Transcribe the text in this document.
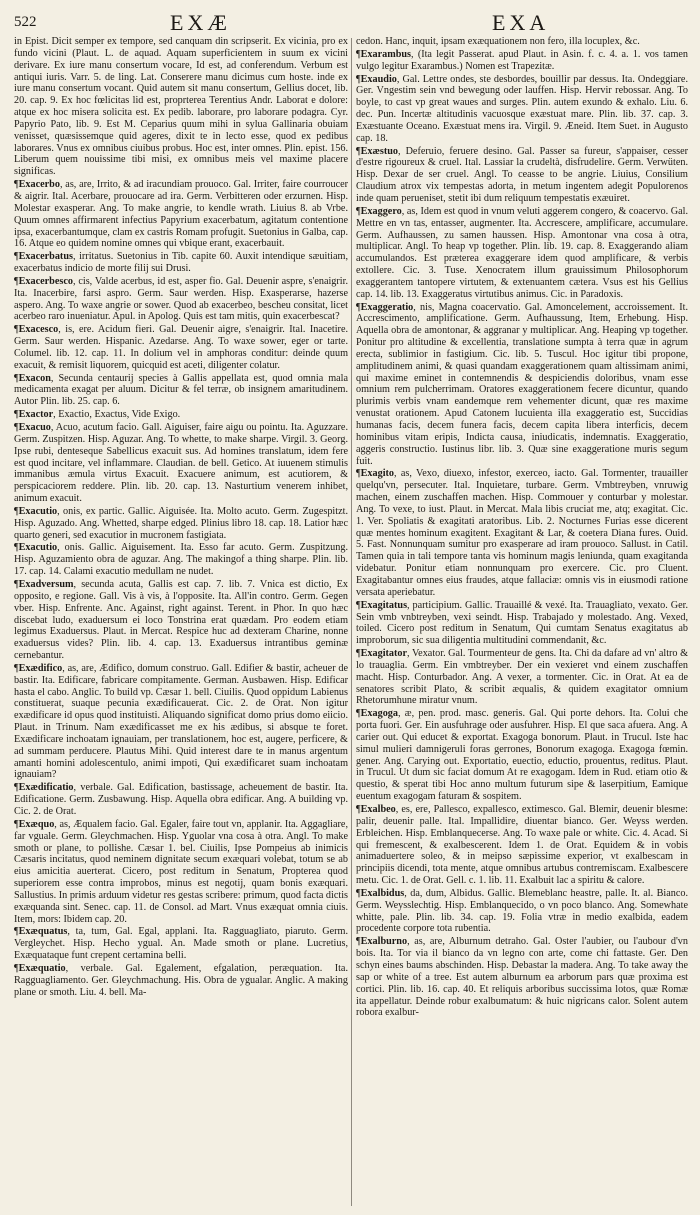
522	EXÆ	EXA

in Epist. Dicit semper ex tempore, sed canquam din scripserit. Ex vicinia, pro ex fundo vicini (Plaut. L. de aquad. Aquam superficientem in suum ex vicini derivare. Ex iure manu consertum vocare, Id est, ad conferendum. Verbum est antiqui iuris. Varr. 5. de ling. Lat. Conserere manu dicimus cum hoste. inde ex iure manu consertum vocant. Quid autem sit manu consertum, Gellius docet, lib. 20. cap. 9. Ex hoc fœlicitas lid est, proprterea Terentius Andr. Laborat e dolore: atque ex hoc misera solicita est. Ex pedib. laborare, pro laborare podagra. Cyr. Papyrio Pato, lib. 9. Est M. Ceparius quum mihi in sylua Gallinaria obuiam venisset, quæsissemque quid ageres, dixit te in lecto esse, quod ex pedibus laborares. Vnus ex omnibus ciuibus probus. Hoc est, inter omnes. Plin. epist. 156. Liberum quem nouissime tibi misi, ex omnibus meis vel maxime placere significas.

¶Exacerbo, as, are, Irrito, & ad iracundiam prouoco. Gal. Irriter, faire courroucer & aigrir. Ital. Acerbare, prouocare ad ira. Germ. Verbitteren oder erzurnen. Hisp. Molestar exasperar. Ang. To make angrie, to kendle wrath. Liuius 8. ab Vrbe. Quum omnes affirmarent infectius Papyrium exacerbatum, agitatum contentione ipsa, exacerbantumque, clam ex castris Romam profugit. Suetonius in Galba, cap. 16. Atque eo quidem nomine omnes qui vbique erant, exacerbauit.

¶Exacerbatus, irritatus. Suetonius in Tib. capite 60. Auxit intendique sæuitiam, exacerbatus indicio de morte filij sui Drusi.

¶Exacerbesco, cis, Valde acerbus, id est, asper fio. Gal. Deuenir aspre, s'enaigrir. Ita. Inacerbire, farsi aspro. Germ. Saur werden. Hisp. Exasperarse, hazerse aspero. Ang. To waxe angrie or sower. Quod ab exacerbeo, bescheu consitat, licet acerbeo raro inueniatur. Apul. in Apolog. Quis est tam mitis, quin exacerbescat?

¶Exacesco, is, ere. Acidum fieri. Gal. Deuenir aigre, s'enaigrir. Ital. Inacetire. Germ. Saur werden. Hispanic. Azedarse. Ang. To waxe sower, eger or tarte. Columel. lib. 12. cap. 11. In dolium vel in amphoras conditur: deinde quum exacuit, & remisit liquorem, quicquid est aceti, diligenter colatur.

¶Exacon, Secunda centaurij species à Gallis appellata est, quod omnia mala medicamenta exagat per aluum. Dicitur & fel terræ, ob insignem amaritudinem. Autor Plin. lib. 25. cap. 6.

¶Exactor, Exactio, Exactus, Vide Exigo.

¶Exacuo, Acuo, acutum facio. Gall. Aiguiser, faire aigu ou pointu. Ita. Aguzzare. Germ. Zuspitzen. Hisp. Aguzar. Ang. To whette, to make sharpe. Virgil. 3. Georg. Ipse rubi, denteseque Sabellicus exacuit sus. Ad homines translatum, idem fere est quod incitare, vel inflammare. Claudian. de bell. Getico. At iuuenem stimulis immanibus æmula virtus Exacuit. Exacuere animum, est acutiorem, & perspicaciorem reddere. Plin. lib. 20. cap. 13. Nasturtium venerem inhibet, animum exacuit.

¶Exacutio, onis, ex partic. Gallic. Aiguisée. Ita. Molto acuto. Germ. Zugespitzt. Hisp. Aguzado. Ang. Whetted, sharpe edged. Plinius libro 18. cap. 18. Latior hæc quarto generi, sed exacutior in mucronem fastigiata.

¶Exacutio, onis. Gallic. Aiguisement. Ita. Esso far acuto. Germ. Zuspitzung. Hisp. Aguzamiento obra de aguzar. Ang. The makingof a thing sharpe. Plin. lib. 17. cap. 14. Calami exacutio medullam ne nudet.

¶Exadversum, secunda acuta, Gallis est cap. 7. lib. 7. Vnica est dictio, Ex opposito, e regione. Gall. Vis à vis, à l'opposite. Ita. All'in contro. Germ. Gegen vber. Hisp. Enfrente. Anc. Against, right against. Terent. in Phor. In quo hæc discebat ludo, exaduersum ei loco Tonstrina erat quædam. Pro eodem etiam legimus Exaduersus. Plaut. in Mercat. Respice huc ad dexteram Charine, nonne exaduersus vides? Plin. lib. 4. cap. 13. Exaduersus intrantibus geminæ cernebantur.

¶Exædifico, as, are, Ædifico, domum construo. Gall. Edifier & bastir, acheuer de bastir. Ita. Edificare, fabricare compitamente. German. Ausbawen. Hisp. Edificar hasta el cabo. Anglic. To build vp. Cæsar 1. bell. Ciuilis. Quod oppidum Labienus constituerat, suaque pecunia exædificauerat. Cic. 2. de Orat. Non igitur exædificare id opus quod instituisti. Aliquando significat domo prius domo eiicio. Plaut. in Trinum. Nam exædificasset me ex his ædibus, si absque te foret. Exædificare inchoatam ignauiam, per translationem, hoc est, augere, perficere, & ad summam perducere. Plautus Mihi. Quid interest dare te in manus argentum amanti homini adolescentulo, animi impoti, Qui exædificaret suam inchoatam ignauiam?

¶Exædificatio, verbale. Gal. Edification, bastissage, acheuement de bastir. Ita. Edificatione. Germ. Zusbawung. Hisp. Aquella obra edificar. Ang. A building vp. Cic. 2. de Orat.

¶Exæquo, as, Æqualem facio. Gal. Egaler, faire tout vn, applanir. Ita. Aggagliare, far vguale. Germ. Gleychmachen. Hisp. Yguolar vna cosa à otra. Angl. To make smoth or plane, to pollishe. Cæsar 1. bel. Ciuilis, Ipse Pompeius ab inimicis Cæsaris incitatus, quod neminem dignitate secum exæquari volebat, totum se ab eius amicitia auerterat. Cicero, post reditum in Senatum, Propterea quod superiorem esse contra improbos, minus est negotij, quam bonis exæquari. Sallustius. In primis arduum videtur res gestas scribere: primum, quod facta dictis exæquanda sint. Senec. cap. 11. de Consol. ad Mart. Vnus exæquat omnia ciuis. Item, mors: Ibidem cap. 20.

¶Exæquatus, ta, tum, Gal. Egal, applani. Ita. Ragguagliato, piaruto. Germ. Vergleychet. Hisp. Hecho ygual. An. Made smoth or plane. Lucretius, Exæquataque funt crepent certamina belli.

¶Exæquatio, verbale. Gal. Egalement, efgalation, peræquation. Ita. Ragguagliamento. Ger. Gleychmachung. His. Obra de ygualar. Anglic. A making plane or smoth. Liu. 4. bell. Ma-

cedon. Hanc, inquit, ipsam exæquationem non fero, illa locuplex, &c.

¶Exarambus, (Ita legit Passerat. apud Plaut. in Asin. f. c. 4. a. 1. vos tamen vulgo legitur Exarambus.) Nomen est Trapezitæ.

¶Exaudio, Gal. Lettre ondes, ste desbordes, bouillir par dessus. Ita. Ondeggiare. Ger. Vngestim sein vnd bewegung oder lauffen. Hisp. Hervir rebossar. Ang. To boyle, to cast vp great waues and surges. Plin. autem exundo & exhalo. Liu. 6. dec. Pun. Incertæ altitudinis vacuosque exæstuat mare. Plin. lib. 37. cap. 3. Exæstuante Oceano. Exæstuat mens ira. Virgil. 9. Æneid. Item Suet. in Augusto cap. 18.

¶Exæstuo, Deferuio, feruere desino. Gal. Passer sa fureur, s'appaiser, cesser d'estre rigoureux & cruel. Ital. Lassiar la crudeltà, disfrudelire. Germ. Verwüten. Hisp. Dexar de ser cruel. Angl. To ceasse to be angrie. Liuius, Consilium Claudium atrox vix tempestas adorta, in metum ingentem adegit Populorenos inde quam perueniset, stetit ibi dum reliquum tempestatis exæuiret.

¶Exaggero, as, Idem est quod in vnum veluti aggerem congero, & coacervo. Gal. Mettre en vn tas, entasser, augmenter. Ita. Accrescere, amplificare, accumulare. Germ. Aufhaussen, zu samen haussen. Hisp. Amontonar vna cosa à otra, multiplicar. Angl. To heap vp together. Plin. lib. 19. cap. 8. Exaggerando aliam accumulandos. Est præterea exaggerare idem quod amplificare, & verbis extollere. Cic. 3. Tuse. Xenocratem illum grauissimum Philosophorum exaggerantem tantopere virtutem, & extenuantem cætera. Vsus est his Gellius cap. 14. lib. 13. Exaggeratus virtutibus animus. Cic. in Paradoxis.

¶Exaggeratio, nis, Magna coacervatio. Gal. Amoncelement, accroissement. It. Accrescimento, amplificatione. Germ. Aufhaussung, Item, Erhebung. Hisp. Aquella obra de amontonar, & aggranar y multiplicar. Ang. Heaping vp together. Ponitur pro altitudine & excellentia, translatione sumpta à terra quæ in agrum erecta, sublimior in fastigium. Cic. lib. 5. Tuscul. Hoc igitur tibi propone, amplitudinem animi, & quasi quandam exaggerationem quam altissimam animi, qui maxime eminet in contemnendis & despiciendis doloribus, vnam esse omnium rem pulcherrimam. Oratores exaggerationem fecere dicuntur, quando plurimis verbis vnam eandemque rem vehementer dicunt, quæ res maxime venustat orationem. Apud Catonem lucuienta illa exaggeratio est, Succidias humanas facis, decem funera facis, decem capita libera interficis, decem hominibus vitam eripis, Indicta causa, iniudicatis, indemnatis. Exaggeratio, aggeris constructio. Iustinus libr. lib. 3. Quæ sine exaggeratione muris segum fuit.

¶Exagito, as, Vexo, diuexo, infestor, exerceo, iacto. Gal. Tormenter, trauailler quelqu'vn, persecuter. Ital. Inquietare, turbare. Germ. Vmbtreyben, vnruwig machen, einem zuschaffen machen. Hisp. Commouer y conturbar y molestar. Ang. To vexe, to iust. Plaut. in Mercat. Mala libis cruciat me, atq; exagitat. Cic. 1. Ver. Spoliatis & exagitati aratoribus. Lib. 2. Nocturnes Furias esse dicerent quæ mentes hominum exagitent. Exagitant & Lar, & coetera Diana fures. Ouid. 5. Fast. Nonnunquam sumitur pro exasperare ad iram prouoco. Sallust. in Catil. Tamen quia in tali tempore tanta vis hominum magis leniunda, quam exagitanda videbatur. Ponitur etiam nonnunquam pro exercere. Cic. pro Cluent. Exagitabantur omnes eius fraudes, atque fallaciæ: omnis vis in eiusmodi ratione versata aperiebatur.

¶Exagitatus, participium. Gallic. Trauaillé & vexé. Ita. Trauagliato, vexato. Ger. Sein vmb vnbtreyben, vexi seindt. Hisp. Trabajado y molestado. Ang. Vexed, toiled. Cicero post reditum in Senatum, Qui cumtam Senatus exagitatus ab improborum, sic sua diligentia multitudini commendanit, &c.

¶Exagitator, Vexator. Gal. Tourmenteur de gens. Ita. Chi da dafare ad vn' altro & lo trauaglia. Germ. Ein vmbtreyber. Der ein vexieret vnd einem zuschaffen macht. Hisp. Conturbador. Ang. A vexer, a tormenter. Cic. in Orat. At ea de senatores scribit Plato, & scribit æqualis, & quidem exagitator omnium Rhetorumhune miratur vnum.

¶Exagoga, æ, pen. prod. masc. generis. Gal. Qui porte dehors. Ita. Colui che porta fuori. Ger. Ein ausfuhrage oder ausfuhrer. Hisp. El que saca afuera. Ang. A carier out. Qui educet & exportat. Exagoga bonorum. Plaut. in Trucul. Iste hac simul mulieri damnigeruli foras gerrones, Bonorum exagoga. Exagoga fœmin. gener. Ang. Carying out. Exportatio, euectio, eductio, prouentus, reditus. Plaut. in Trucul. Ut dum sic faciat domum At re exagogam. Idem in Rud. etiam otio & questio, & sperat tibi Hoc anno multum futurum sipe & laserpitium, Eamique euentum exagogam faturam & sospitem.

¶Exalbeo, es, ere, Pallesco, expallesco, extimesco. Gal. Blemir, deuenir blesme: palir, deuenir palle. Ital. Impallidire, diuentar bianco. Ger. Weyss werden. Erbleichen. Hisp. Emblanquecerse. Ang. To waxe pale or white. Cic. 4. Acad. Si qui fremescent, & exalbescerent. Idem 1. de Orat. Equidem & in vobis animaduertere soleo, & in meipso sæpissime experior, vt exalbescam in principiis dicendi, tota mente, atque omnibus artubus contremiscam. Exalbescere metu. Cic. 1. de Orat. Gell. c. 1. lib. 11. Exalbuit lac a spiritu & calore.

¶Exalbidus, da, dum, Albidus. Gallic. Blemeblanc heastre, palle. It. al. Bianco. Germ. Weysslechtig. Hisp. Emblanquecido, o vn poco blanco. Ang. Somewhate whitte, pale. Plin. lib. 34. cap. 19. Folia vtræ in medio exalbida, eadem procedente corpore tota rubentia.

¶Exalburno, as, are, Alburnum detraho. Gal. Oster l'aubier, ou l'aubour d'vn bois. Ita. Tor via il bianco da vn legno con arte, come chi fattaste. Ger. Den schyn eines baums abschinden. Hisp. Debastar la madera. Ang. To take away the sap or white of a tree. Est autem alburnum ea arborum pars quæ proxima est cortici. Plin. lib. 16. cap. 40. Et reliquis arboribus succissima lotos, quæ Romæ ita appellatur. Deinde robur exalbumatum: & huic nigricans calor. Solent autem robora exalbur-
